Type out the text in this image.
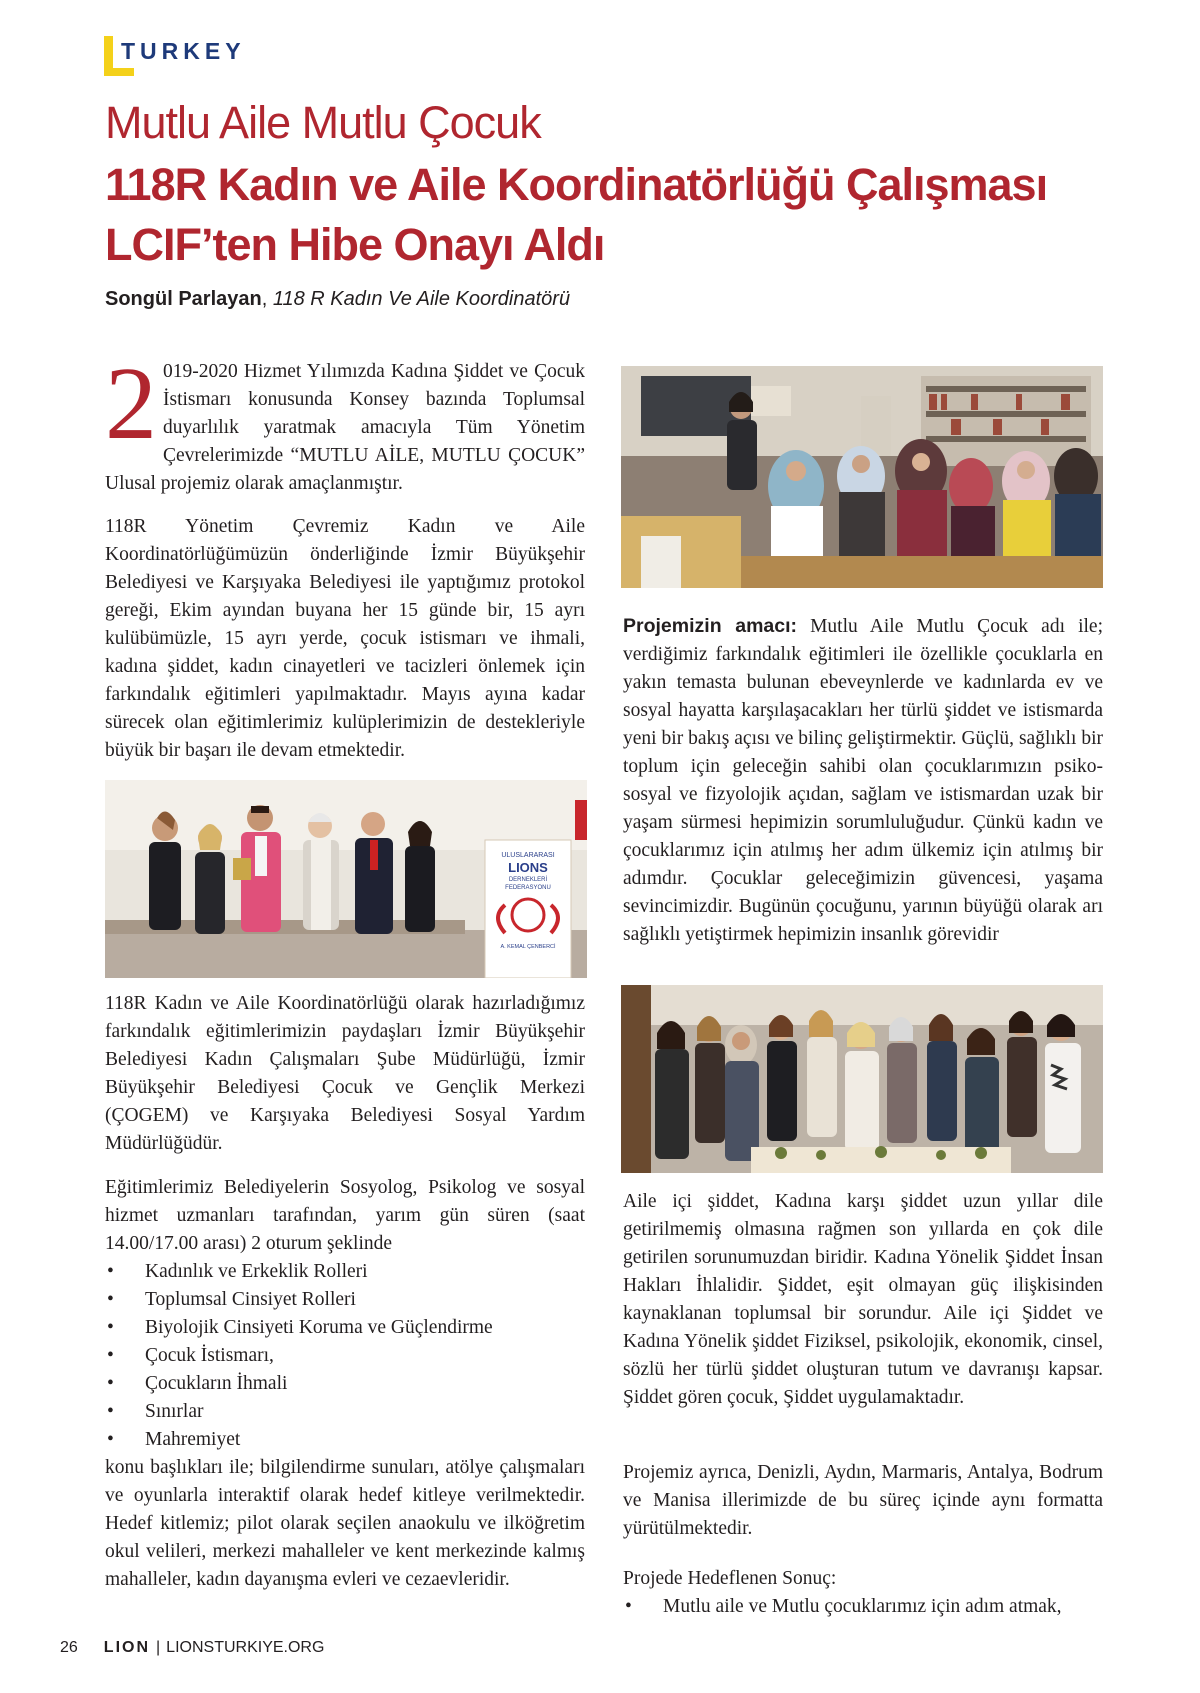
TURKEY
Mutlu Aile Mutlu Çocuk
118R Kadın ve Aile Koordinatörlüğü Çalışması LCIF’ten Hibe Onayı Aldı
Songül Parlayan, 118 R Kadın Ve Aile Koordinatörü
2 019-2020 Hizmet Yılımızda Kadına Şiddet ve Çocuk İstismarı konusunda Konsey bazında Toplumsal duyarlılık yaratmak amacıyla Tüm Yönetim Çevrelerimizde “MUTLU AİLE, MUTLU ÇOCUK” Ulusal projemiz olarak amaçlanmıştır.

118R Yönetim Çevremiz Kadın ve Aile Koordinatörlüğümüzün önderliğinde İzmir Büyükşehir Belediyesi ve Karşıyaka Belediyesi ile yaptığımız protokol gereği, Ekim ayından buyana her 15 günde bir, 15 ayrı kulübümüzle, 15 ayrı yerde, çocuk istismarı ve ihmali, kadına şiddet, kadın cinayetleri ve tacizleri önlemek için farkındalık eğitimleri yapılmaktadır. Mayıs ayına kadar sürecek olan eğitimlerimiz kulüplerimizin de destekleriyle büyük bir başarı ile devam etmektedir.

ULUSLARARASI
LIONS
DERNEKLERİ
FEDERASYONU
A. KEMAL ÇENBERCİ

118R Kadın ve Aile Koordinatörlüğü olarak hazırladığımız farkındalık eğitimlerimizin paydaşları İzmir Büyükşehir Belediyesi Kadın Çalışmaları Şube Müdürlüğü, İzmir Büyükşehir Belediyesi Çocuk ve Gençlik Merkezi (ÇOGEM) ve Karşıyaka Belediyesi Sosyal Yardım Müdürlüğüdür.

Eğitimlerimiz Belediyelerin Sosyolog, Psikolog ve sosyal hizmet uzmanları tarafından, yarım gün süren (saat 14.00/17.00 arası) 2 oturum şeklinde

• Kadınlık ve Erkeklik Rolleri
• Toplumsal Cinsiyet Rolleri
• Biyolojik Cinsiyeti Koruma ve Güçlendirme
• Çocuk İstismarı,
• Çocukların İhmali
• Sınırlar
• Mahremiyet

konu başlıkları ile; bilgilendirme sunuları, atölye çalışmaları ve oyunlarla interaktif olarak hedef kitleye verilmektedir. Hedef kitlemiz; pilot olarak seçilen anaokulu ve ilköğretim okul velileri, merkezi mahalleler ve kent merkezinde kalmış mahalleler, kadın dayanışma evleri ve cezaevleridir.

Projemizin amacı: Mutlu Aile Mutlu Çocuk adı ile; verdiğimiz farkındalık eğitimleri ile özellikle çocuklarla en yakın temasta bulunan ebeveynlerde ve kadınlarda ev ve sosyal hayatta karşılaşacakları her türlü şiddet ve istismarda yeni bir bakış açısı ve bilinç geliştirmektir. Güçlü, sağlıklı bir toplum için geleceğin sahibi olan çocuklarımızın psiko-sosyal ve fizyolojik açıdan, sağlam ve istismardan uzak bir yaşam sürmesi hepimizin sorumluluğudur. Çünkü kadın ve çocuklarımız için atılmış her adım ülkemiz için atılmış bir adımdır. Çocuklar geleceğimizin güvencesi, yaşama sevincimizdir. Bugünün çocuğunu, yarının büyüğü olarak arı sağlıklı yetiştirmek hepimizin insanlık görevidir

Aile içi şiddet, Kadına karşı şiddet uzun yıllar dile getirilmemiş olmasına rağmen son yıllarda en çok dile getirilen sorunumuzdan biridir. Kadına Yönelik Şiddet İnsan Hakları İhlalidir. Şiddet, eşit olmayan güç ilişkisinden kaynaklanan toplumsal bir sorundur. Aile içi Şiddet ve Kadına Yönelik şiddet Fiziksel, psikolojik, ekonomik, cinsel, sözlü her türlü şiddet oluşturan tutum ve davranışı kapsar. Şiddet gören çocuk, Şiddet uygulamaktadır.

Projemiz ayrıca, Denizli, Aydın, Marmaris, Antalya, Bodrum ve Manisa illerimizde de bu süreç içinde aynı formatta yürütülmektedir.

Projede Hedeflenen Sonuç:

• Mutlu aile ve Mutlu çocuklarımız için adım atmak,
26 LION | LIONSTURKIYE.ORG
